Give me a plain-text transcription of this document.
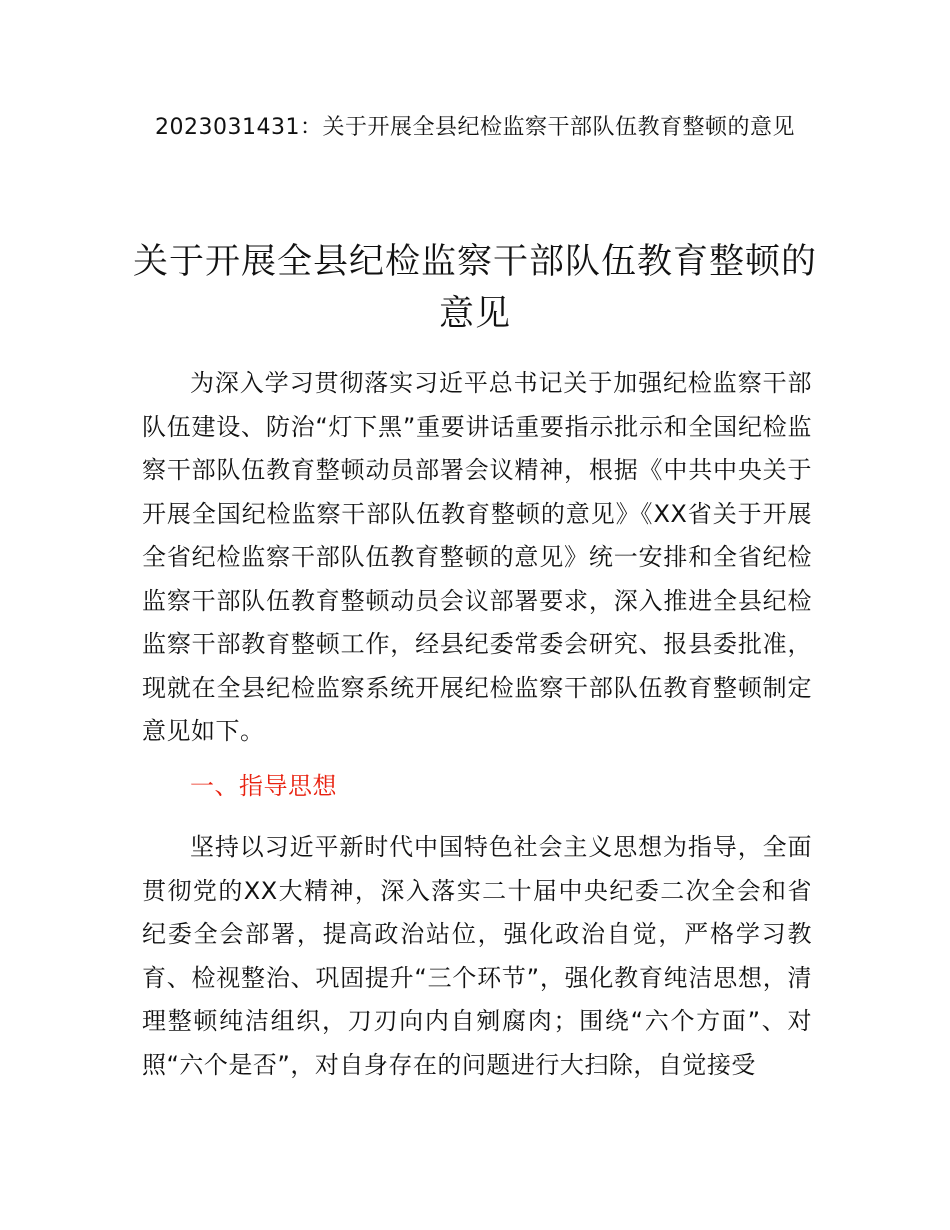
2023031431：关于开展全县纪检监察干部队伍教育整顿的意见
关于开展全县纪检监察干部队伍教育整顿的
意见

为深入学习贯彻落实习近平总书记关于加强纪检监察干部队伍建设、防治“灯下黑”重要讲话重要指示批示和全国纪检监察干部队伍教育整顿动员部署会议精神，根据《中共中央关于开展全国纪检监察干部队伍教育整顿的意见》《XX省关于开展全省纪检监察干部队伍教育整顿的意见》统一安排和全省纪检监察干部队伍教育整顿动员会议部署要求，深入推进全县纪检监察干部教育整顿工作，经县纪委常委会研究、报县委批准，现就在全县纪检监察系统开展纪检监察干部队伍教育整顿制定意见如下。

一、指导思想

坚持以习近平新时代中国特色社会主义思想为指导，全面贯彻党的XX大精神，深入落实二十届中央纪委二次全会和省纪委全会部署，提高政治站位，强化政治自觉，严格学习教育、检视整治、巩固提升“三个环节”，强化教育纯洁思想，清理整顿纯洁组织，刀刃向内自剜腐肉；围绕“六个方面”、对照“六个是否”，对自身存在的问题进行大扫除，自觉接受
